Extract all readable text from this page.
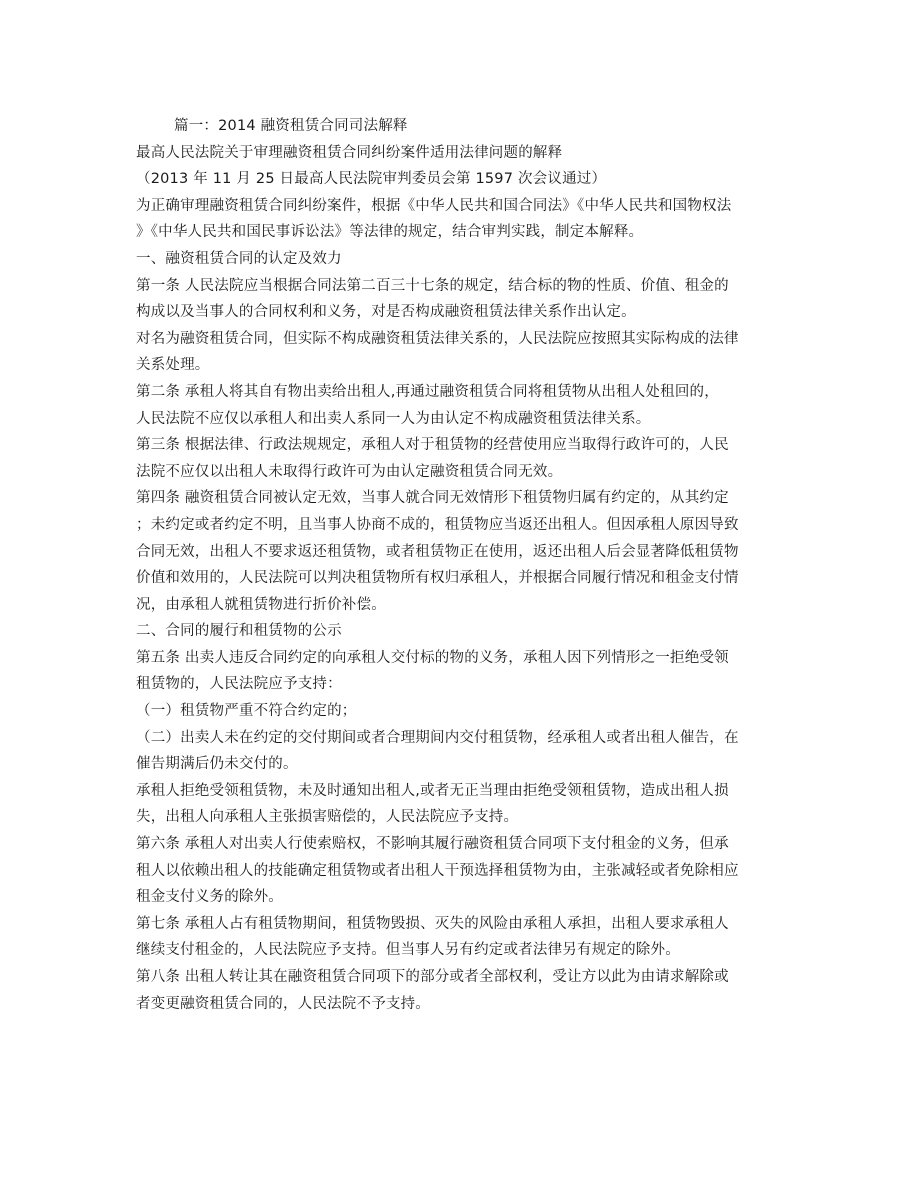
篇一：2014 融资租赁合同司法解释
最高人民法院关于审理融资租赁合同纠纷案件适用法律问题的解释
（2013 年 11 月 25 日最高人民法院审判委员会第 1597 次会议通过）
为正确审理融资租赁合同纠纷案件，根据《中华人民共和国合同法》《中华人民共和国物权法
》《中华人民共和国民事诉讼法》等法律的规定，结合审判实践，制定本解释。
一、融资租赁合同的认定及效力
第一条 人民法院应当根据合同法第二百三十七条的规定，结合标的物的性质、价值、租金的
构成以及当事人的合同权利和义务，对是否构成融资租赁法律关系作出认定。
对名为融资租赁合同，但实际不构成融资租赁法律关系的，人民法院应按照其实际构成的法律
关系处理。
第二条 承租人将其自有物出卖给出租人,再通过融资租赁合同将租赁物从出租人处租回的，
人民法院不应仅以承租人和出卖人系同一人为由认定不构成融资租赁法律关系。
第三条 根据法律、行政法规规定，承租人对于租赁物的经营使用应当取得行政许可的，人民
法院不应仅以出租人未取得行政许可为由认定融资租赁合同无效。
第四条 融资租赁合同被认定无效，当事人就合同无效情形下租赁物归属有约定的，从其约定
；未约定或者约定不明，且当事人协商不成的，租赁物应当返还出租人。但因承租人原因导致
合同无效，出租人不要求返还租赁物，或者租赁物正在使用，返还出租人后会显著降低租赁物
价值和效用的，人民法院可以判决租赁物所有权归承租人，并根据合同履行情况和租金支付情
况，由承租人就租赁物进行折价补偿。
二、合同的履行和租赁物的公示
第五条 出卖人违反合同约定的向承租人交付标的物的义务，承租人因下列情形之一拒绝受领
租赁物的，人民法院应予支持：
（一）租赁物严重不符合约定的；
（二）出卖人未在约定的交付期间或者合理期间内交付租赁物，经承租人或者出租人催告，在
催告期满后仍未交付的。
承租人拒绝受领租赁物，未及时通知出租人,或者无正当理由拒绝受领租赁物，造成出租人损
失，出租人向承租人主张损害赔偿的，人民法院应予支持。
第六条 承租人对出卖人行使索赔权，不影响其履行融资租赁合同项下支付租金的义务，但承
租人以依赖出租人的技能确定租赁物或者出租人干预选择租赁物为由，主张减轻或者免除相应
租金支付义务的除外。
第七条 承租人占有租赁物期间，租赁物毁损、灭失的风险由承租人承担，出租人要求承租人
继续支付租金的，人民法院应予支持。但当事人另有约定或者法律另有规定的除外。
第八条 出租人转让其在融资租赁合同项下的部分或者全部权利，受让方以此为由请求解除或
者变更融资租赁合同的，人民法院不予支持。
